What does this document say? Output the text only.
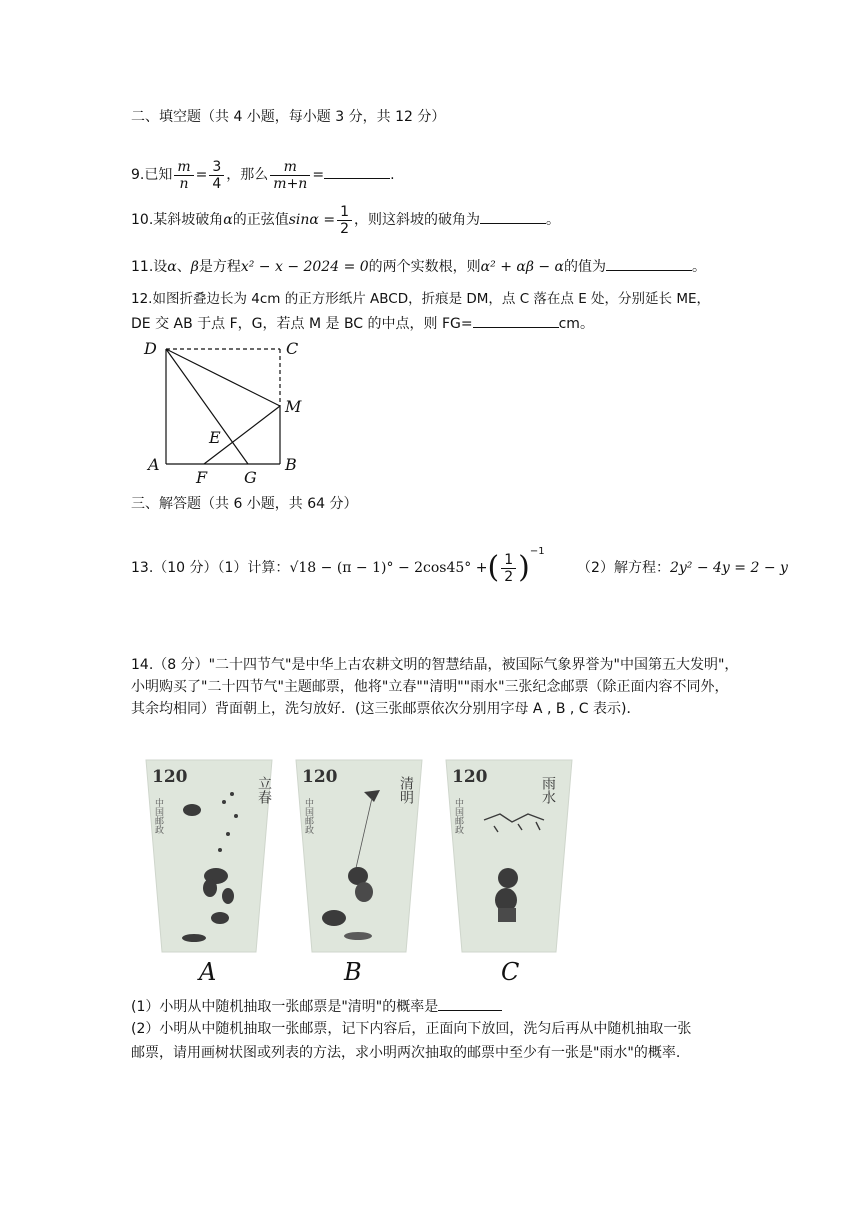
二、填空题（共 4 小题，每小题 3 分，共 12 分）
9.已知 $\frac{m}{n} = \frac{3}{4}$ ，那么 $\frac{m}{m+n}$ =	.
10.某斜坡破角α的正弦值$\sin\alpha = \frac{1}{2}$ ，则这斜坡的破角为	。
11.设α、β是方程x² − x − 2024 = 0的两个实数根，则α² + αβ − α的值为	。
12.如图折叠边长为 4cm 的正方形纸片 ABCD，折痕是 DM，点 C 落在点 E 处，分别延长 ME，
DE 交 AB 于点 F，G，若点 M 是 BC 的中点，则 FG=	cm。
D	C
M
E
A	B
F G
三、解答题（共 6 小题，共 64 分）
13.（10 分）（1）计算：√18 − (π − 1)° − 2cos45° +( $\frac{1}{2} )^{-1}$ （2）解方程：2y² − 4y = 2 − y
14.（8 分）"二十四节气"是中华上古农耕文明的智慧结晶，被国际气象界誉为"中国第五大发明"，小明购买了"二十四节气"主题邮票，他将"立春""清明""雨水"三张纪念邮票（除正面内容不同外，其余均相同）背面朝上，洗匀放好．(这三张邮票依次分别用字母 A , B , C 表示)．
120	立春
中国邮政
120	清明
中国邮政
120	雨水
中国邮政
A	B	C
(1）小明从中随机抽取一张邮票是"清明"的概率是
(2）小明从中随机抽取一张邮票，记下内容后，正面向下放回，洗匀后再从中随机抽取一张
邮票，请用画树状图或列表的方法，求小明两次抽取的邮票中至少有一张是"雨水"的概率.
